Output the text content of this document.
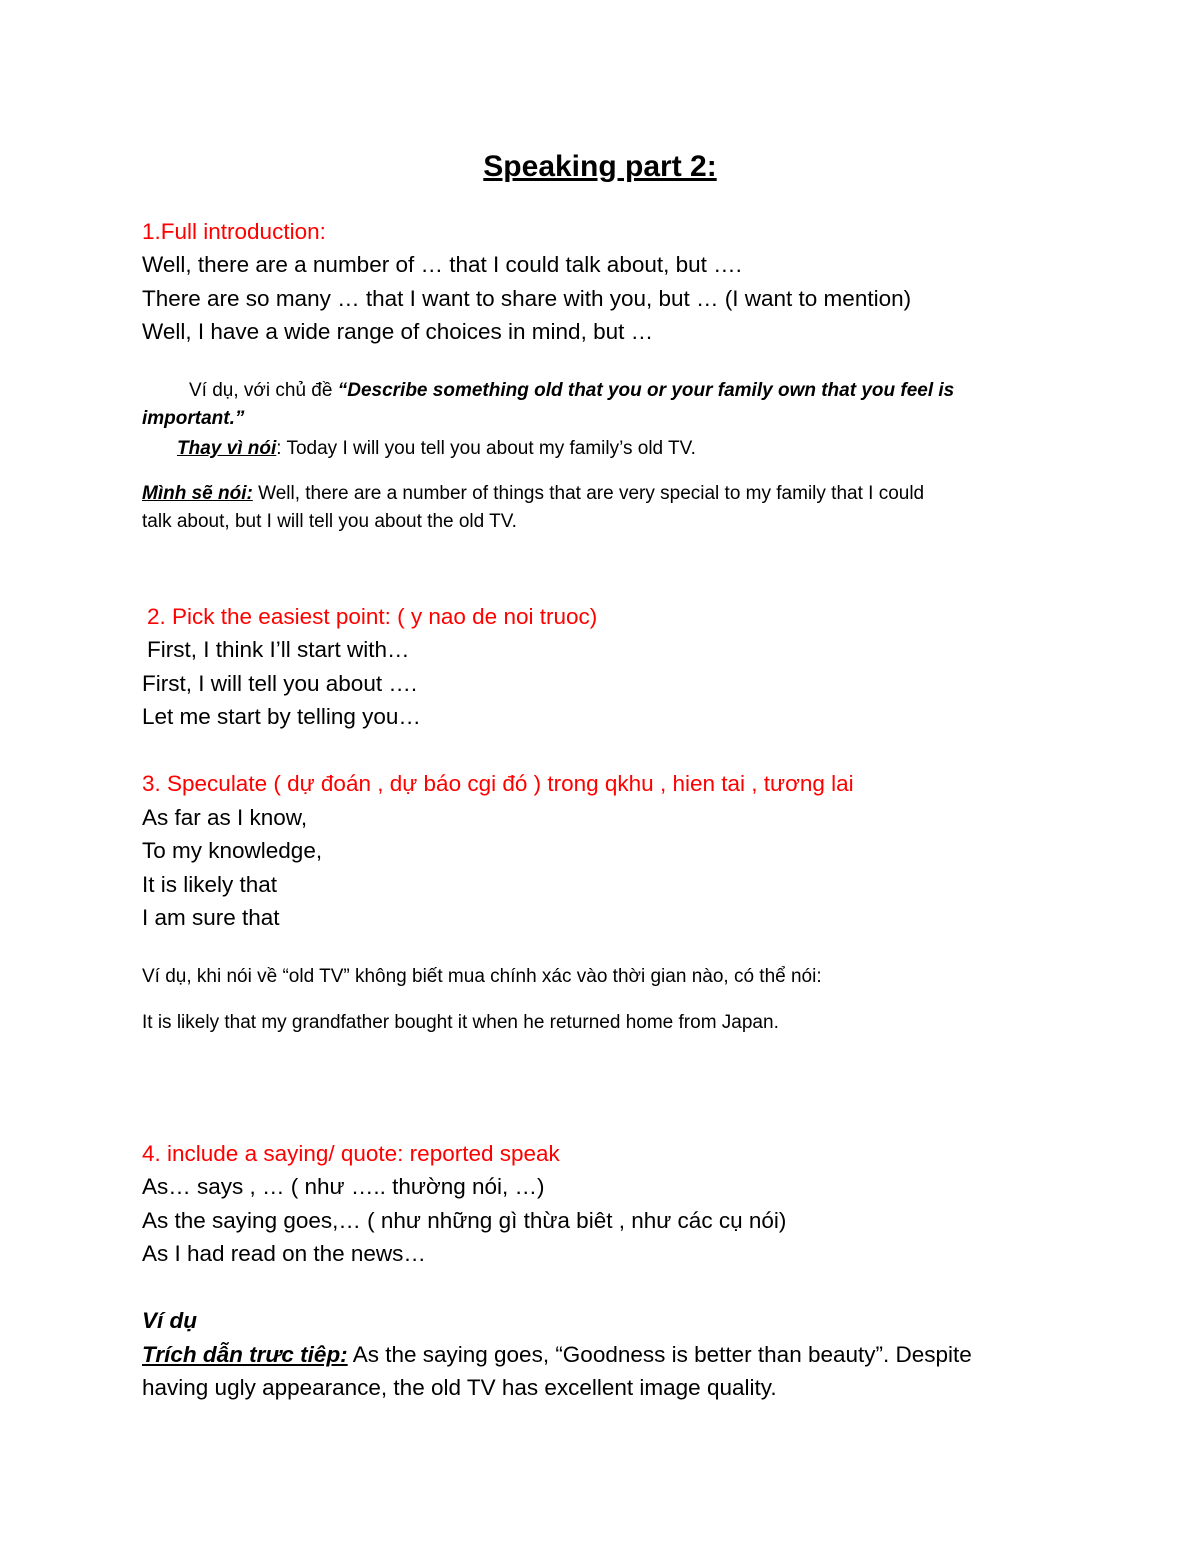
Speaking part 2:
1.Full introduction:
Well, there are a number of … that I could talk about, but ….
There are so many … that I want to share with you, but … (I want to mention)
Well, I have a wide range of choices in mind, but …
Ví dụ, với chủ đề “Describe something old that you or your family own that you feel is
important.”
Thay vì nói: Today I will you tell you about my family’s old TV.
Mình sẽ nói: Well, there are a number of things that are very special to my family that I could
talk about, but I will tell you about the old TV.
2. Pick the easiest point: ( y nao de noi truoc)
First, I think I’ll start with…
First, I will tell you about ….
Let me start by telling you…
3. Speculate ( dự đoán , dự báo cgi đó ) trong qkhu , hien tai , tương lai
As far as I know,
To my knowledge,
It is likely that
I am sure that
Ví dụ, khi nói về “old TV” không biết mua chính xác vào thời gian nào, có thể nói:
It is likely that my grandfather bought it when he returned home from Japan.
4. include a saying/ quote: reported speak
As… says , … ( như ….. thường nói, …)
As the saying goes,… ( như những gì thừa biêt , như các cụ nói)
As I had read on the news…
Ví dụ
Trích dẫn trưc tiêp: As the saying goes, “Goodness is better than beauty”. Despite
having ugly appearance, the old TV has excellent image quality.
